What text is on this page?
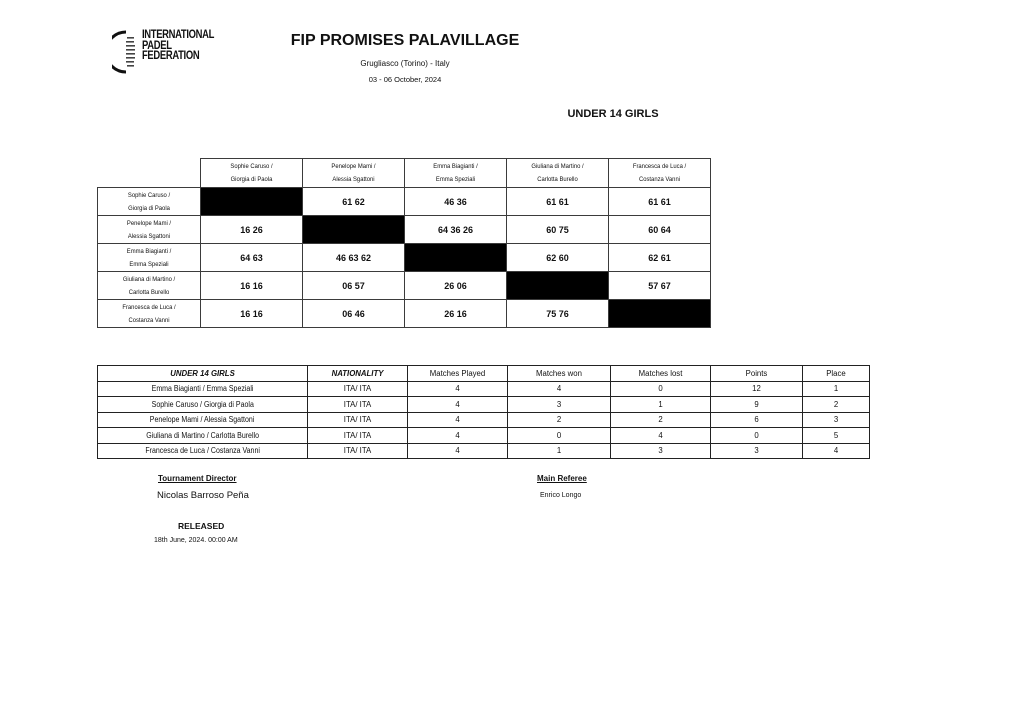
INTERNATIONAL
PADEL
FEDERATION
FIP PROMISES PALAVILLAGE
Grugliasco (Torino) - Italy
03 - 06 October, 2024
UNDER 14 GIRLS

	Sophie Caruso /
Giorgia di Paola	Penelope Mami /
Alessia Sgattoni	Emma Biagianti /
Emma Speziali	Giuliana di Martino /
Carlotta Burello	Francesca de Luca /
Costanza Vanni

Sophie Caruso /
Giorgia di Paola		61 62	46 36	61 61	61 61

Penelope Mami /
Alessia Sgattoni	16 26		64 36 26	60 75	60 64

Emma Biagianti /
Emma Speziali	64 63	46 63 62		62 60	62 61

Giuliana di Martino /
Carlotta Burello	16 16	06 57	26 06		57 67

Francesca de Luca /
Costanza Vanni	16 16	06 46	26 16	75 76	
UNDER 14 GIRLS	NATIONALITY	Matches Played	Matches won	Matches lost	Points	Place
Emma Biagianti / Emma Speziali	ITA/ ITA	4	4	0	12	1
Sophie Caruso / Giorgia di Paola	ITA/ ITA	4	3	1	9	2
Penelope Mami / Alessia Sgattoni	ITA/ ITA	4	2	2	6	3
Giuliana di Martino / Carlotta Burello	ITA/ ITA	4	0	4	0	5
Francesca de Luca / Costanza Vanni	ITA/ ITA	4	1	3	3	4
Tournament Director
Nicolas Barroso Peña
Main Referee
Enrico Longo
RELEASED
18th June, 2024. 00:00 AM
